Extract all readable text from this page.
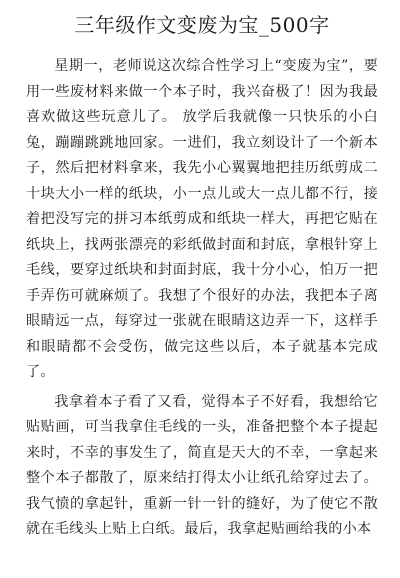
三年级作文变废为宝_500字

星期一，老师说这次综合性学习上“变废为宝”，要用一些废材料来做一个本子时，我兴奋极了！因为我最喜欢做这些玩意儿了。 放学后我就像一只快乐的小白兔，蹦蹦跳跳地回家。一进们，我立刻设计了一个新本子，然后把材料拿来，我先小心翼翼地把挂历纸剪成二十块大小一样的纸块，小一点儿或大一点儿都不行，接着把没写完的拼习本纸剪成和纸块一样大，再把它贴在纸块上，找两张漂亮的彩纸做封面和封底，拿根针穿上毛线，要穿过纸块和封面封底，我十分小心，怕万一把手弄伤可就麻烦了。我想了个很好的办法，我把本子离眼睛远一点，每穿过一张就在眼睛这边弄一下，这样手和眼睛都不会受伤，做完这些以后，本子就基本完成了。

我拿着本子看了又看，觉得本子不好看，我想给它贴贴画，可当我拿住毛线的一头，准备把整个本子提起来时，不幸的事发生了，简直是天大的不幸，一拿起来整个本子都散了，原来结打得太小让纸孔给穿过去了。我气愤的拿起针，重新一针一针的缝好，为了使它不散就在毛线头上贴上白纸。最后，我拿起贴画给我的小本
